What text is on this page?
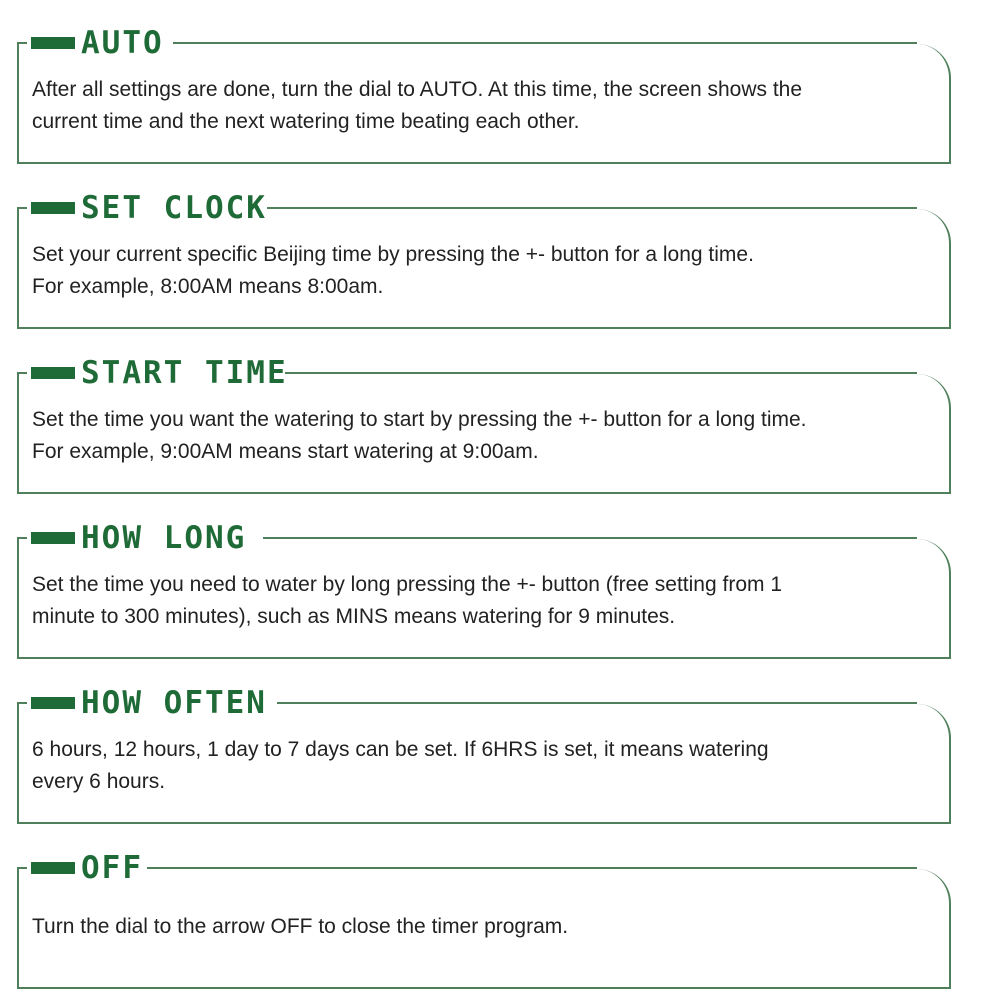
AUTO

After all settings are done, turn the dial to AUTO. At this time, the screen shows the
current time and the next watering time beating each other.

SET CLOCK

Set your current specific Beijing time by pressing the +- button for a long time.
For example, 8:00AM means 8:00am.

START TIME

Set the time you want the watering to start by pressing the +- button for a long time.
For example, 9:00AM means start watering at 9:00am.

HOW LONG

Set the time you need to water by long pressing the +- button (free setting from 1
minute to 300 minutes), such as MINS means watering for 9 minutes.

HOW OFTEN

6 hours, 12 hours, 1 day to 7 days can be set. If 6HRS is set, it means watering
every 6 hours.

OFF

Turn the dial to the arrow OFF to close the timer program.
